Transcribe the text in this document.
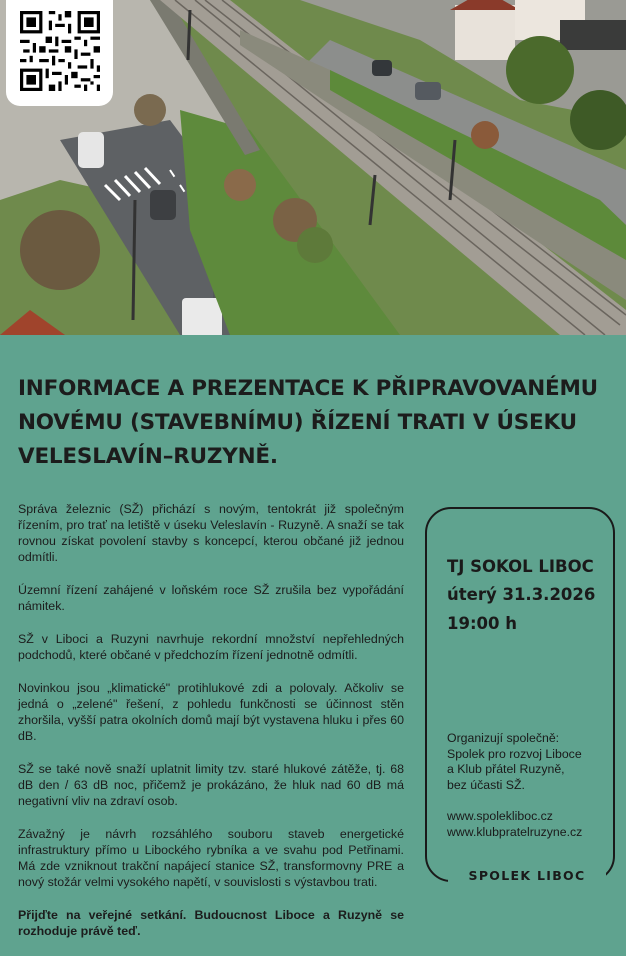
INFORMACE A PREZENTACE K PŘIPRAVOVANÉMU
NOVÉMU (STAVEBNÍMU) ŘÍZENÍ TRATI V ÚSEKU
VELESLAVÍN–RUZYNĚ.

Správa železnic (SŽ) přichází s novým, tentokrát již společným řízením, pro trať na letiště v úseku Veleslavín - Ruzyně. A snaží se tak rovnou získat povolení stavby s koncepcí, kterou občané již jednou odmítli.

Územní řízení zahájené v loňském roce SŽ zrušila bez vypořádání námitek.

SŽ v Liboci a Ruzyni navrhuje rekordní množství nepřehledných podchodů, které občané v předchozím řízení jednotně odmítli.

Novinkou jsou „klimatické" protihlukové zdi a polovaly. Ačkoliv se jedná o „zelené" řešení, z pohledu funkčnosti se účinnost stěn zhoršila, vyšší patra okolních domů mají být vystavena hluku i přes 60 dB.

SŽ se také nově snaží uplatnit limity tzv. staré hlukové zátěže, tj. 68 dB den / 63 dB noc, přičemž je prokázáno, že hluk nad 60 dB má negativní vliv na zdraví osob.

Závažný je návrh rozsáhlého souboru staveb energetické infrastruktury přímo u Libockého rybníka a ve svahu pod Petřinami. Má zde vzniknout trakční napájecí stanice SŽ, transformovny PRE a nový stožár velmi vysokého napětí, v souvislosti s výstavbou trati.

Přijďte na veřejné setkání. Budoucnost Liboce a Ruzyně se rozhoduje právě teď.

TJ SOKOL LIBOC
úterý 31.3.2026
19:00 h
Organizují společně:
Spolek pro rozvoj Liboce
a Klub přátel Ruzyně,
bez účasti SŽ.
www.spolekliboc.cz
www.klubpratelruzyne.cz
SPOLEK LIBOC
